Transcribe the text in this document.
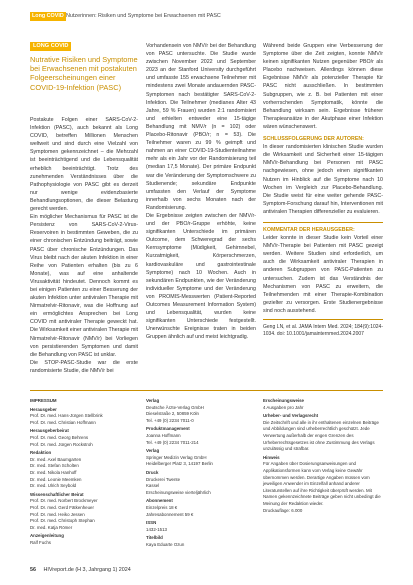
Long COVID Nutzerinnen: Risiken und Symptome bei Erwachsenen mit PASC
LONG COVID
Nutrative Risiken und Symptome bei Erwachsenen mit postakuten Folgeerscheinungen einer COVID-19-Infektion (PASC)

Postakute Folgen einer SARS-CoV-2-Infektion (PASC), auch bekannt als Long COVID, betreffen Millionen Menschen weltweit und sind durch eine Vielzahl von Symptomen gekennzeichnet – die Mehrzahl ist beeinträchtigend und die Lebensqualität erheblich beeinträchtigt. Trotz des zunehmenden Verständnisses über die Pathophysiologie von PASC gibt es derzeit nur wenige evidenzbasierte Behandlungsoptionen, die dieser Belastung gerecht werden.

Ein möglicher Mechanismus für PASC ist die Persistenz von SARS-CoV-2-Virus-Reservoiren in bestimmten Geweben, die zu einer chronischen Entzündung beiträgt, sowie PASC über chronische Entzündungen. Das Virus bleibt nach der akuten Infektion in einer Reihe von Patienten erhalten (bis zu 6 Monate), was auf eine anhaltende Virusaktivität hindeutet. Dennoch kommt es bei einigen Patienten zu einer Besserung der akuten Infektion unter antiviralen Therapie mit Nirmatrelvir-Ritonavir, was die Hoffnung auf ein ermöglichtes Ansprechen bei Long COVID mit antiviraler Therapie geweckt hat. Die Wirksamkeit einer antiviralen Therapie mit Nirmatrelvir-Ritonavir (NMV/r) bei Vorliegen von persistierenden Symptomen und damit die Behandlung von PASC ist unklar.

Die STOP-PASC-Studie war die erste randomisierte Studie, die NMV/r bei

Vorhandensein von NMV/r bei der Behandlung von PASC untersuchte. Die Studie wurde zwischen November 2022 und September 2023 an der Stanford University durchgeführt und umfasste 155 erwachsene Teilnehmer mit mindestens zwei Monate andauernden PASC-Symptomen nach bestätigter SARS-CoV-2-Infektion. Die Teilnehmer (medianes Alter 43 Jahre, 59 % Frauen) wurden 2:1 randomisiert und erhielten entweder eine 15-tägige Behandlung mit NMV/r (n = 102) oder Placebo-Ritonavir (PBO/r; n = 53). Die Teilnehmer waren zu 99 % geimpft und nahmen an einer COVID-19-Studienteilnahme mehr als ein Jahr vor der Randomisierung teil (median 17,5 Monate). Der primäre Endpunkt war die Veränderung der Symptomschwere zu Studienende; sekundäre Endpunkte umfassten den Verlauf der Symptome innerhalb von sechs Monaten nach der Randomisierung.

Die Ergebnisse zeigten zwischen der NMV/r- und der PBO/r-Gruppe erhöhte, keine signifikanten Unterschiede im primären Outcome, dem Schweregrad der sechs Kernsymptome (Müdigkeit, Gehirnnebel, Kurzatmigkeit, Körperschmerzen, kardiovaskuläre und gastrointestinale Symptome) nach 10 Wochen. Auch in sekundären Endpunkten, wie der Veränderung individueller Symptome und der Veränderung von PROMIS-Messwerten (Patient-Reported Outcomes Measurement Information System) und Lebensqualität, wurden keine signifikanten Unterschiede festgestellt. Unerwünschte Ereignisse traten in beiden Gruppen ähnlich auf und meist leichtgradig.

Während beide Gruppen eine Verbesserung der Symptome über die Zeit zeigten, konnte NMV/r keinen signifikanten Nutzen gegenüber PBO/r als Placebo nachweisen. Allerdings können diese Ergebnisse NMV/r als potenzieller Therapie für PASC nicht ausschließen. In bestimmten Subgruppen, wie z. B. bei Patienten mit einer vorherrschenden Symptomatik, könnte die Behandlung wirksam sein. Ergebnisse früherer Therapieansätze in der Akutphase einer Infektion wären wünschenswert.

SCHLUSSFOLGERUNG DER AUTOREN:

In dieser randomisierten klinischen Studie wurden die Wirksamkeit und Sicherheit einer 15-tägigen NMV/r-Behandlung bei Personen mit PASC nachgewiesen, ohne jedoch einen signifikanten Nutzen im Hinblick auf die Symptome nach 10 Wochen im Vergleich zur Placebo-Behandlung. Die Studie weist für eine weiter gehende PASC-Symptom-Forschung darauf hin, Interventionen mit antiviralen Therapien differenzieller zu evaluieren.

KOMMENTAR DER HERAUSGEBER:

Leider konnte in dieser Studie kein Vorteil einer NMV/r-Therapie bei Patienten mit PASC gezeigt werden. Weitere Studien sind erforderlich, um auch die Wirksamkeit antiviraler Therapien in anderen Subgruppen von PASC-Patienten zu untersuchen. Zudem ist das Verständnis der Mechanismen von PASC zu erweitern, die Teilnehmenden mit einer Therapie-Kombination gezielter zu versorgen. Erste Studienergebnisse sind noch ausstehend.

Geng LN, et al. JAMA Intern Med. 2024; 184(9):1024-1034. doi: 10.1001/jamainternmed.2024.2007

IMPRESSUM
Herausgeber

Prof. Dr. med. Hans-Jürgen Stellbrink

Prof. Dr. med. Christian Hoffmann

Herausgeberbeirat

Prof. Dr. med. Georg Behrens

Prof. Dr. med. Jürgen Rockstroh

Redaktion

Dr. med. Axel Baumgarten

Dr. med. Stefan Scholten

Dr. med. Nikola Hanhoff

Dr. med. Leonie Meemken

Dr. med. Ulrich Seybold

Wissenschaftlicher Beirat

Prof. Dr. med. Norbert Brockmeyer

Prof. Dr. med. Gerd Fätkenheuer

Prof. Dr. med. Heiko Jessen

Prof. Dr. med. Christoph Stephan

Dr. med. Katja Römer

Anzeigenleitung

Ralf Fuchs

Verlag

Deutsche Ärzte-Verlag GmbH

Dieselstraße 2, 50859 Köln

Tel. +49 (0) 2234 7011-0

Produktmanagement

Joanna Hoffmann

Tel. +49 (0) 2234 7011-214

Verlag

Springer Medizin Verlag GmbH

Heidelberger Platz 3, 14197 Berlin

Druck

Druckerei Twente

Kassel

Erscheinungsweise vierteljährlich

Abonnement

Einzelpreis 18 €

Jahresabonnement 59 €

ISSN

1432-1513

Titelbild

Kaya Eduarte Ozun

Erscheinungsweise

4 Ausgaben pro Jahr

Urheber- und Verlagsrecht

Die Zeitschrift und alle in ihr enthaltenen einzelnen Beiträge und Abbildungen sind urheberrechtlich geschützt. Jede Verwertung außerhalb der engen Grenzen des Urheberrechtsgesetzes ist ohne Zustimmung des Verlags unzulässig und strafbar.

Hinweis

Für Angaben über Dosierungsanweisungen und Applikationsformen kann vom Verlag keine Gewähr übernommen werden. Derartige Angaben müssen vom jeweiligen Anwender im Einzelfall anhand anderer Literaturstellen auf ihre Richtigkeit überprüft werden. Mit Namen gekennzeichnete Beiträge geben nicht unbedingt die Meinung der Redaktion wieder.

Druckauflage: 6.000

56 HIVreport.de (H 3, Jahrgang 1) 2024
